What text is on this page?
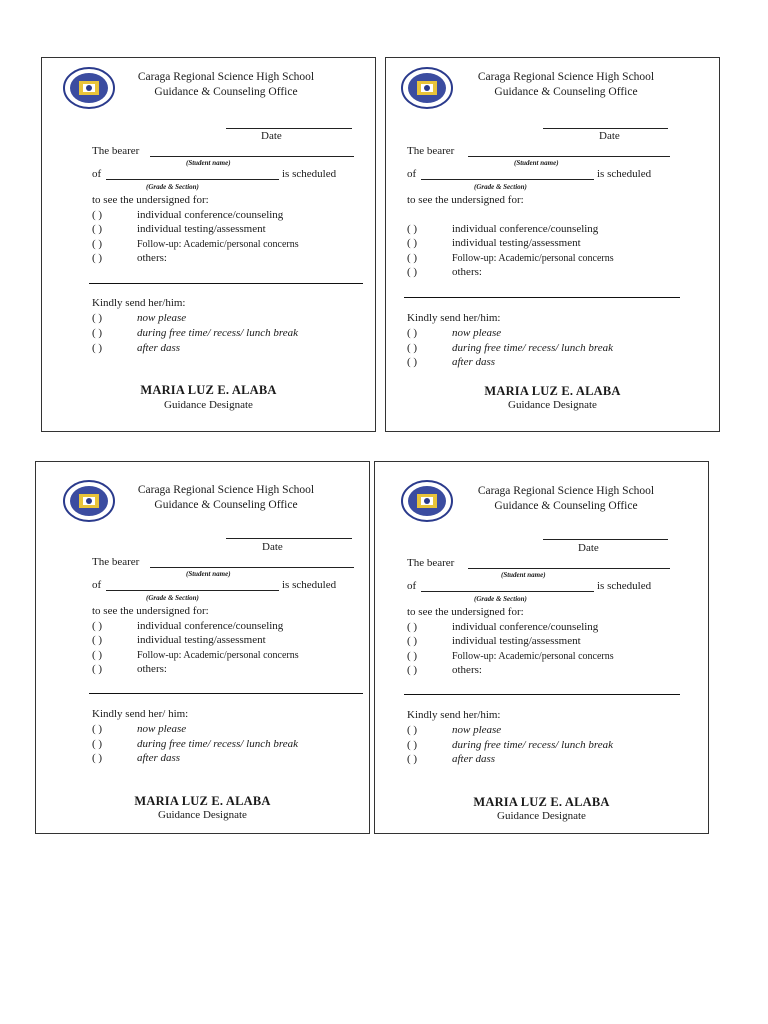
Caraga Regional Science High School
Guidance & Counseling Office
Date
The bearer
(Student name)
of	is scheduled
(Grade & Section)
to see the undersigned for:
( )	individual conference/counseling
( )	individual testing/assessment
( )	Follow-up: Academic/personal concerns
( )	others:
Kindly send her/him:
( )	now please
( )	during free time/ recess/ lunch break
( )	after dass
MARIA LUZ E. ALABA
Guidance Designate
Caraga Regional Science High School
Guidance & Counseling Office
Date
The bearer
(Student name)
of	is scheduled
(Grade & Section)
to see the undersigned for:
( )	individual conference/counseling
( )	individual testing/assessment
( )	Follow-up: Academic/personal concerns
( )	others:
Kindly send her/him:
( )	now please
( )	during free time/ recess/ lunch break
( )	after dass
MARIA LUZ E. ALABA
Guidance Designate
Caraga Regional Science High School
Guidance & Counseling Office
Date
The bearer
(Student name)
of	is scheduled
(Grade & Section)
to see the undersigned for:
( )	individual conference/counseling
( )	individual testing/assessment
( )	Follow-up: Academic/personal concerns
( )	others:
Kindly send her/ him:
( )	now please
( )	during free time/ recess/ lunch break
( )	after dass
MARIA LUZ E. ALABA
Guidance Designate
Caraga Regional Science High School
Guidance & Counseling Office
Date
The bearer
(Student name)
of	is scheduled
(Grade & Section)
to see the undersigned for:
( )	individual conference/counseling
( )	individual testing/assessment
( )	Follow-up: Academic/personal concerns
( )	others:
Kindly send her/him:
( )	now please
( )	during free time/ recess/ lunch break
( )	after dass
MARIA LUZ E. ALABA
Guidance Designate
